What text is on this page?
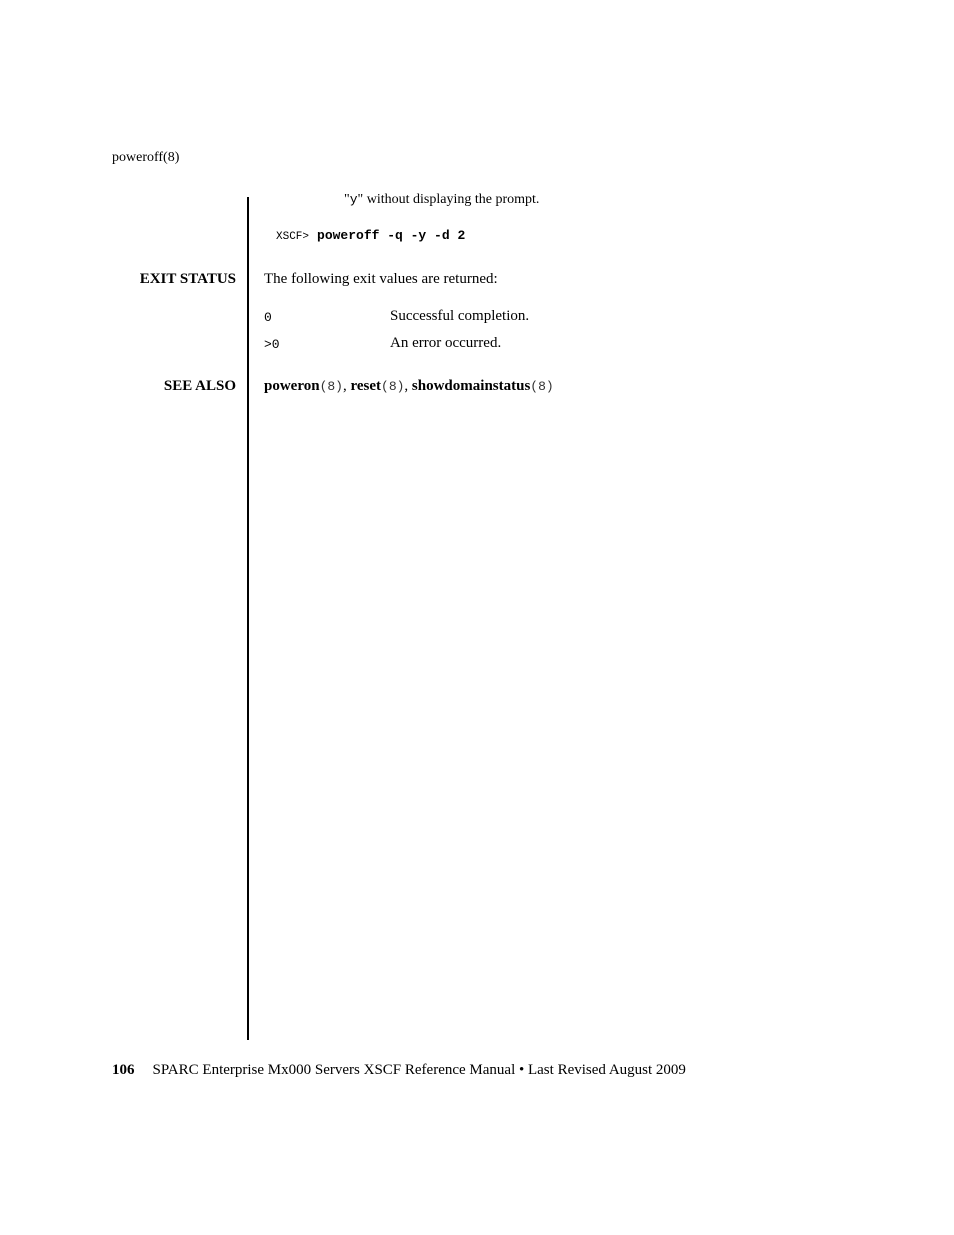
poweroff(8)
"y" without displaying the prompt.
XSCF> poweroff -q -y -d 2
EXIT STATUS The following exit values are returned:
0	Successful completion.
>0	An error occurred.
SEE ALSO poweron(8), reset(8), showdomainstatus(8)
106 SPARC Enterprise Mx000 Servers XSCF Reference Manual • Last Revised August 2009
